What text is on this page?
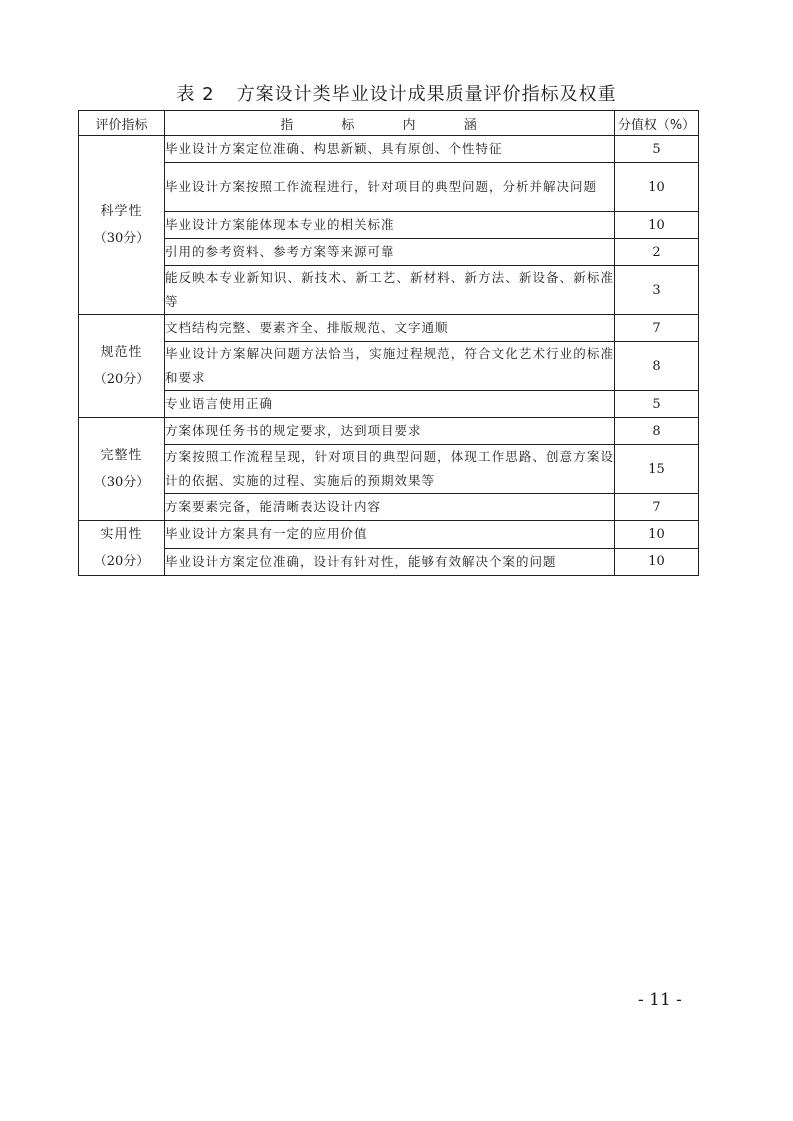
表 2 方案设计类毕业设计成果质量评价指标及权重
评价指标	指 标 内 涵	分值权（%）

科学性
（30分）	毕业设计方案定位准确、构思新颖、具有原创、个性特征	5
	毕业设计方案按照工作流程进行，针对项目的典型问题，分析并解决问题	10
	毕业设计方案能体现本专业的相关标准	10
	引用的参考资料、参考方案等来源可靠	2
	能反映本专业新知识、新技术、新工艺、新材料、新方法、新设备、新标准等	3

规范性
（20分）	文档结构完整、要素齐全、排版规范、文字通顺	7
	毕业设计方案解决问题方法恰当，实施过程规范，符合文化艺术行业的标准和要求	8
	专业语言使用正确	5

完整性
（30分）	方案体现任务书的规定要求，达到项目要求	8
	方案按照工作流程呈现，针对项目的典型问题，体现工作思路、创意方案设计的依据、实施的过程、实施后的预期效果等	15
	方案要素完备，能清晰表达设计内容	7

实用性
（20分）	毕业设计方案具有一定的应用价值	10
	毕业设计方案定位准确，设计有针对性，能够有效解决个案的问题	10
- 11 -
